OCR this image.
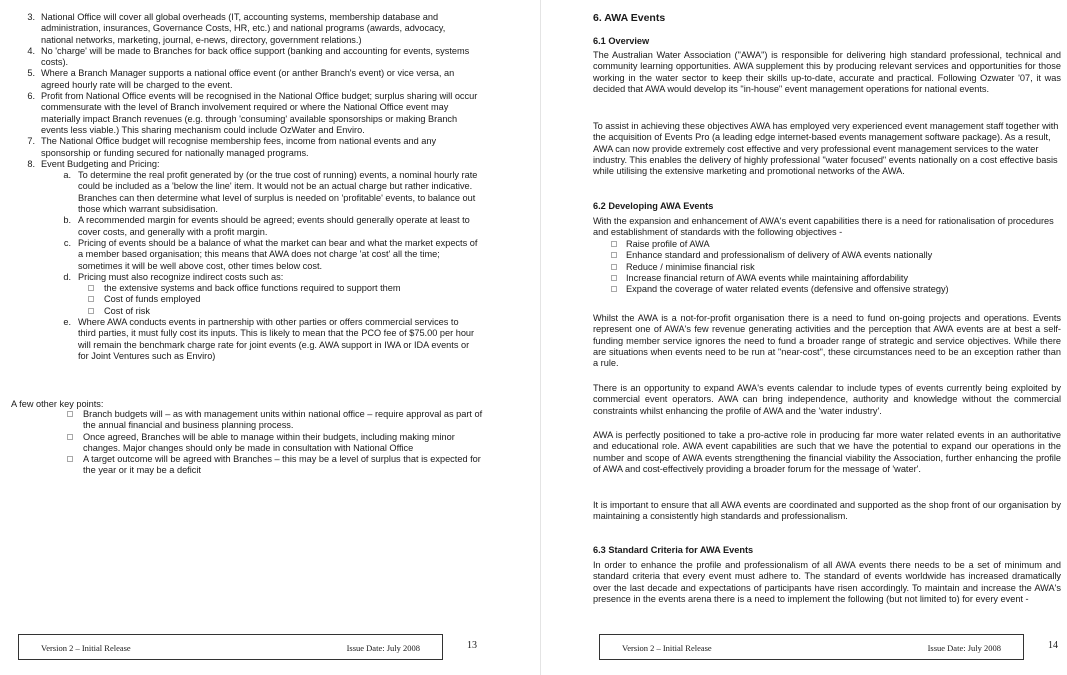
3. National Office will cover all global overheads (IT, accounting systems, membership database and administration, insurances, Governance Costs, HR, etc.) and national programs (awards, advocacy, national networks, marketing, journal, e-news, directory, government relations.)
4. No 'charge' will be made to Branches for back office support (banking and accounting for events, systems costs).
5. Where a Branch Manager supports a national office event (or anther Branch's event) or vice versa, an agreed hourly rate will be charged to the event.
6. Profit from National Office events will be recognised in the National Office budget; surplus sharing will occur commensurate with the level of Branch involvement required or where the National Office event may materially impact Branch revenues (e.g. through 'consuming' available sponsorships or making Branch events less viable.) This sharing mechanism could include OzWater and Enviro.
7. The National Office budget will recognise membership fees, income from national events and any sponsorship or funding secured for nationally managed programs.
8. Event Budgeting and Pricing:
a. To determine the real profit generated by (or the true cost of running) events, a nominal hourly rate could be included as a 'below the line' item. It would not be an actual charge but rather indicative. Branches can then determine what level of surplus is needed on 'profitable' events, to balance out those which warrant subsidisation.
b. A recommended margin for events should be agreed; events should generally operate at least to cover costs, and generally with a profit margin.
c. Pricing of events should be a balance of what the market can bear and what the market expects of a member based organisation; this means that AWA does not charge 'at cost' all the time; sometimes it will be well above cost, other times below cost.
d. Pricing must also recognize indirect costs such as:
the extensive systems and back office functions required to support them
Cost of funds employed
Cost of risk
e. Where AWA conducts events in partnership with other parties or offers commercial services to third parties, it must fully cost its inputs. This is likely to mean that the PCO fee of $75.00 per hour will remain the benchmark charge rate for joint events (e.g. AWA support in IWA or IDA events or for Joint Ventures such as Enviro)
A few other key points:
Branch budgets will – as with management units within national office – require approval as part of the annual financial and business planning process.
Once agreed, Branches will be able to manage within their budgets, including making minor changes. Major changes should only be made in consultation with National Office
A target outcome will be agreed with Branches – this may be a level of surplus that is expected for the year or it may be a deficit
Version 2 – Initial Release	Issue Date: July 2008	13
6. AWA Events
6.1 Overview

The Australian Water Association ("AWA") is responsible for delivering high standard professional, technical and community learning opportunities. AWA supplement this by producing relevant services and opportunities for those working in the water sector to keep their skills up-to-date, accurate and practical. Following Ozwater '07, it was decided that AWA would develop its "in-house" event management operations for national events.

To assist in achieving these objectives AWA has employed very experienced event management staff together with the acquisition of Events Pro (a leading edge internet-based events management software package). As a result, AWA can now provide extremely cost effective and very professional event management services to the water industry. This enables the delivery of highly professional "water focused" events nationally on a cost effective basis while utilising the extensive marketing and promotional networks of the AWA.

6.2 Developing AWA Events

With the expansion and enhancement of AWA's event capabilities there is a need for rationalisation of procedures and establishment of standards with the following objectives -

Raise profile of AWA
Enhance standard and professionalism of delivery of AWA events nationally
Reduce / minimise financial risk
Increase financial return of AWA events while maintaining affordability
Expand the coverage of water related events (defensive and offensive strategy)

Whilst the AWA is a not-for-profit organisation there is a need to fund on-going projects and operations. Events represent one of AWA's few revenue generating activities and the perception that AWA events are at best a self-funding member service ignores the need to fund a broader range of strategic and service objectives. While there are situations when events need to be run at "near-cost", these circumstances need to be an exception rather than a rule.

There is an opportunity to expand AWA's events calendar to include types of events currently being exploited by commercial event operators. AWA can bring independence, authority and knowledge without the commercial constraints whilst enhancing the profile of AWA and the 'water industry'.

AWA is perfectly positioned to take a pro-active role in producing far more water related events in an authoritative and educational role. AWA event capabilities are such that we have the potential to expand our operations in the number and scope of AWA events strengthening the financial viability the Association, further enhancing the profile of AWA and cost-effectively providing a broader forum for the message of 'water'.

It is important to ensure that all AWA events are coordinated and supported as the shop front of our organisation by maintaining a consistently high standards and professionalism.

6.3 Standard Criteria for AWA Events

In order to enhance the profile and professionalism of all AWA events there needs to be a set of minimum and standard criteria that every event must adhere to. The standard of events worldwide has increased dramatically over the last decade and expectations of participants have risen accordingly. To maintain and increase the AWA's presence in the events arena there is a need to implement the following (but not limited to) for every event -

Version 2 – Initial Release	Issue Date: July 2008	14
